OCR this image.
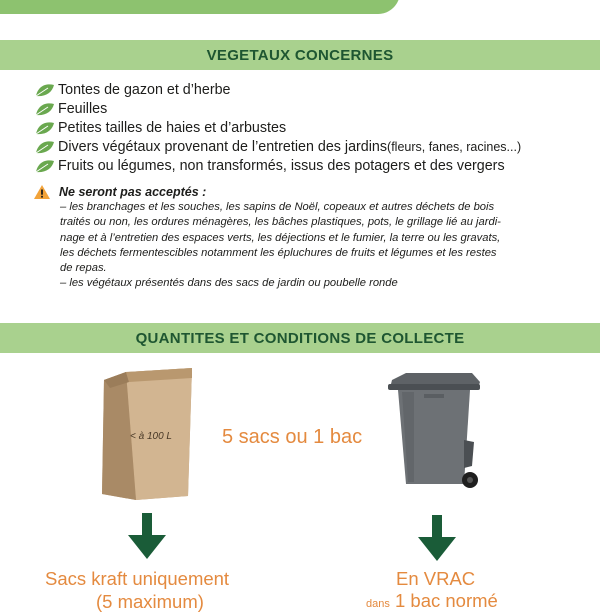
VEGETAUX CONCERNES
Tontes de gazon et d’herbe
Feuilles
Petites tailles de haies et d’arbustes
Divers végétaux provenant de l’entretien des jardins (fleurs, fanes, racines...)
Fruits ou légumes, non transformés, issus des potagers et des vergers
Ne seront pas acceptés :
– les branchages et les souches, les sapins de Noël, copeaux et autres déchets de bois
traités ou non, les ordures ménagères, les bâches plastiques, pots, le grillage lié au jardi-
nage et à l’entretien des espaces verts, les déjections et le fumier, la terre ou les gravats,
les déchets fermentescibles notamment les épluchures de fruits et légumes et les restes
de repas.
– les végétaux présentés dans des sacs de jardin ou poubelle ronde
QUANTITES ET CONDITIONS DE COLLECTE
< à 100 L	5 sacs ou 1 bac
Sacs kraft uniquement
(5 maximum)
En VRAC
dans 1 bac normé
